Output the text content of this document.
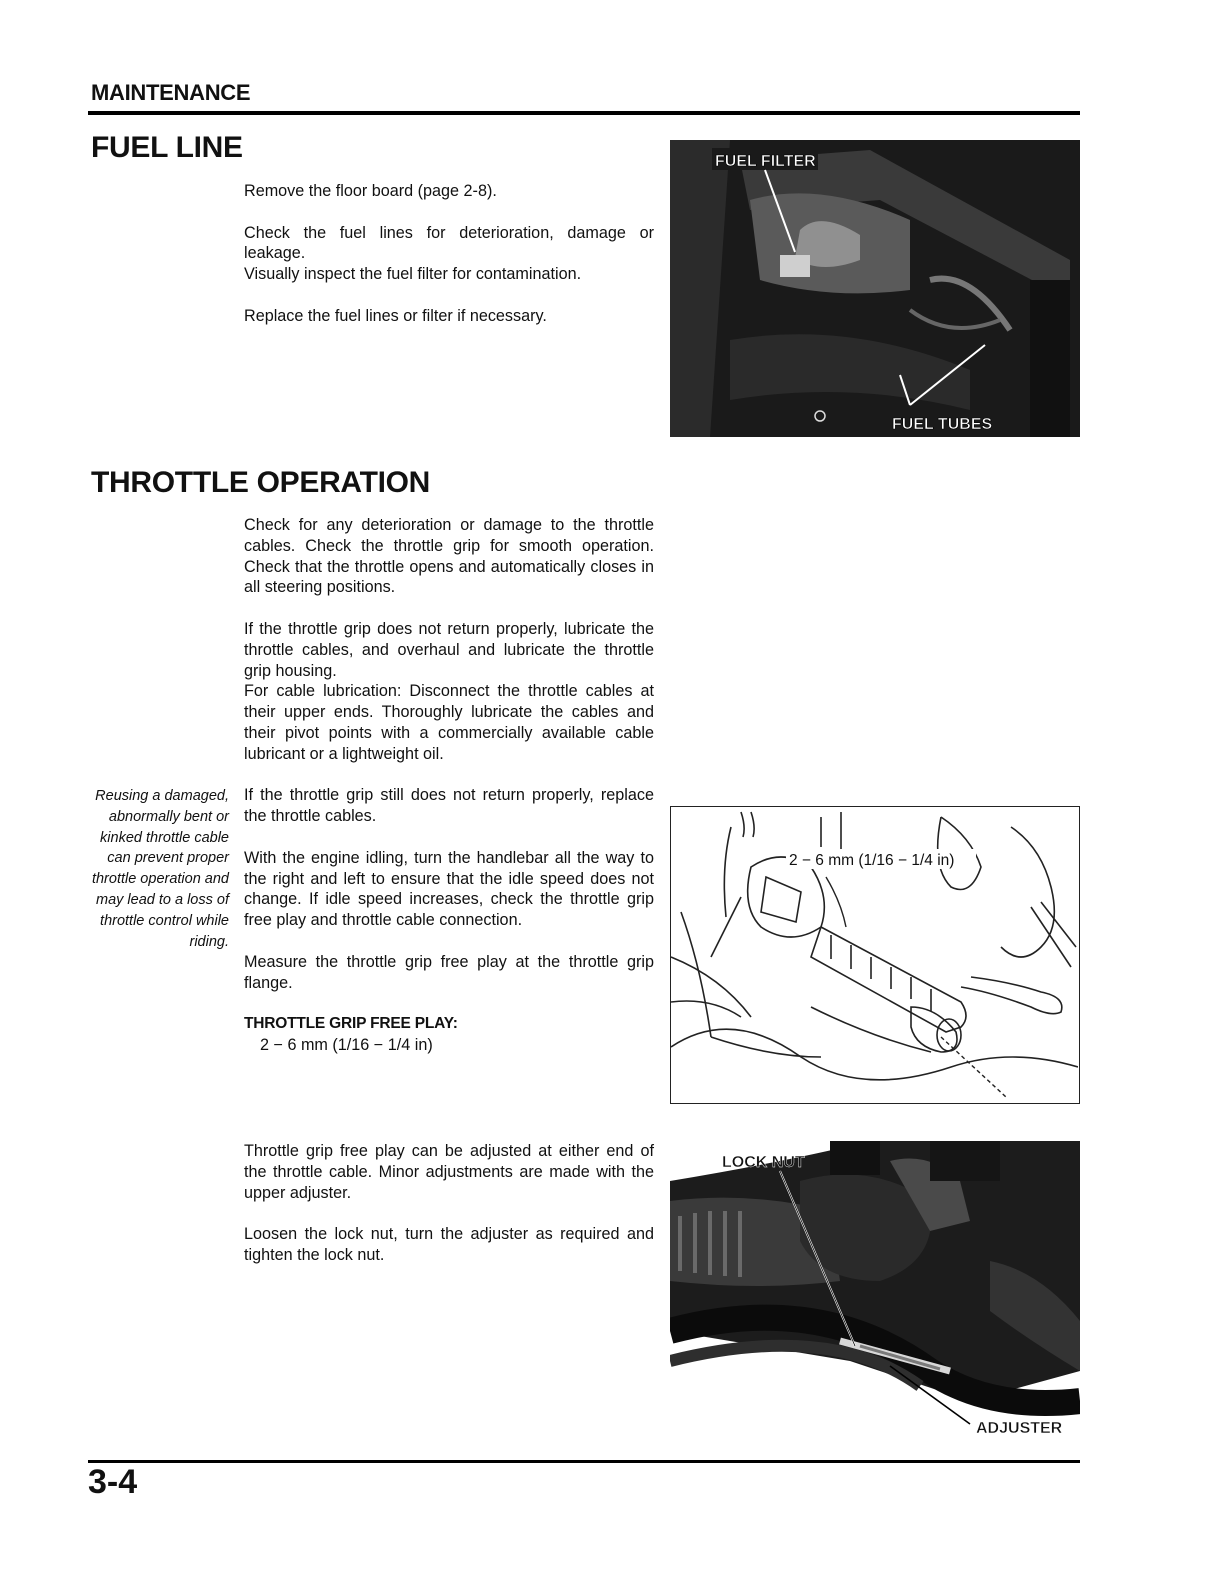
MAINTENANCE
FUEL LINE

Remove the floor board (page 2-8).

Check the fuel lines for deterioration, damage or leakage.

Visually inspect the fuel filter for contamination.

Replace the fuel lines or filter if necessary.

FUEL FILTER
FUEL TUBES
THROTTLE OPERATION

Check for any deterioration or damage to the throttle cables. Check the throttle grip for smooth operation. Check that the throttle opens and automatically closes in all steering positions.

If the throttle grip does not return properly, lubricate the throttle cables, and overhaul and lubricate the throttle grip housing.

For cable lubrication: Disconnect the throttle cables at their upper ends. Thoroughly lubricate the cables and their pivot points with a commercially available cable lubricant or a lightweight oil.

If the throttle grip still does not return properly, replace the throttle cables.

With the engine idling, turn the handlebar all the way to the right and left to ensure that the idle speed does not change. If idle speed increases, check the throttle grip free play and throttle cable connection.

Measure the throttle grip free play at the throttle grip flange.

THROTTLE GRIP FREE PLAY:
2 − 6 mm (1/16 − 1/4 in)
Reusing a damaged, abnormally bent or kinked throttle cable can prevent proper throttle operation and may lead to a loss of throttle control while riding.
2 − 6 mm (1/16 − 1/4 in)

Throttle grip free play can be adjusted at either end of the throttle cable. Minor adjustments are made with the upper adjuster.

Loosen the lock nut, turn the adjuster as required and tighten the lock nut.

LOCK NUT
ADJUSTER
3-4
